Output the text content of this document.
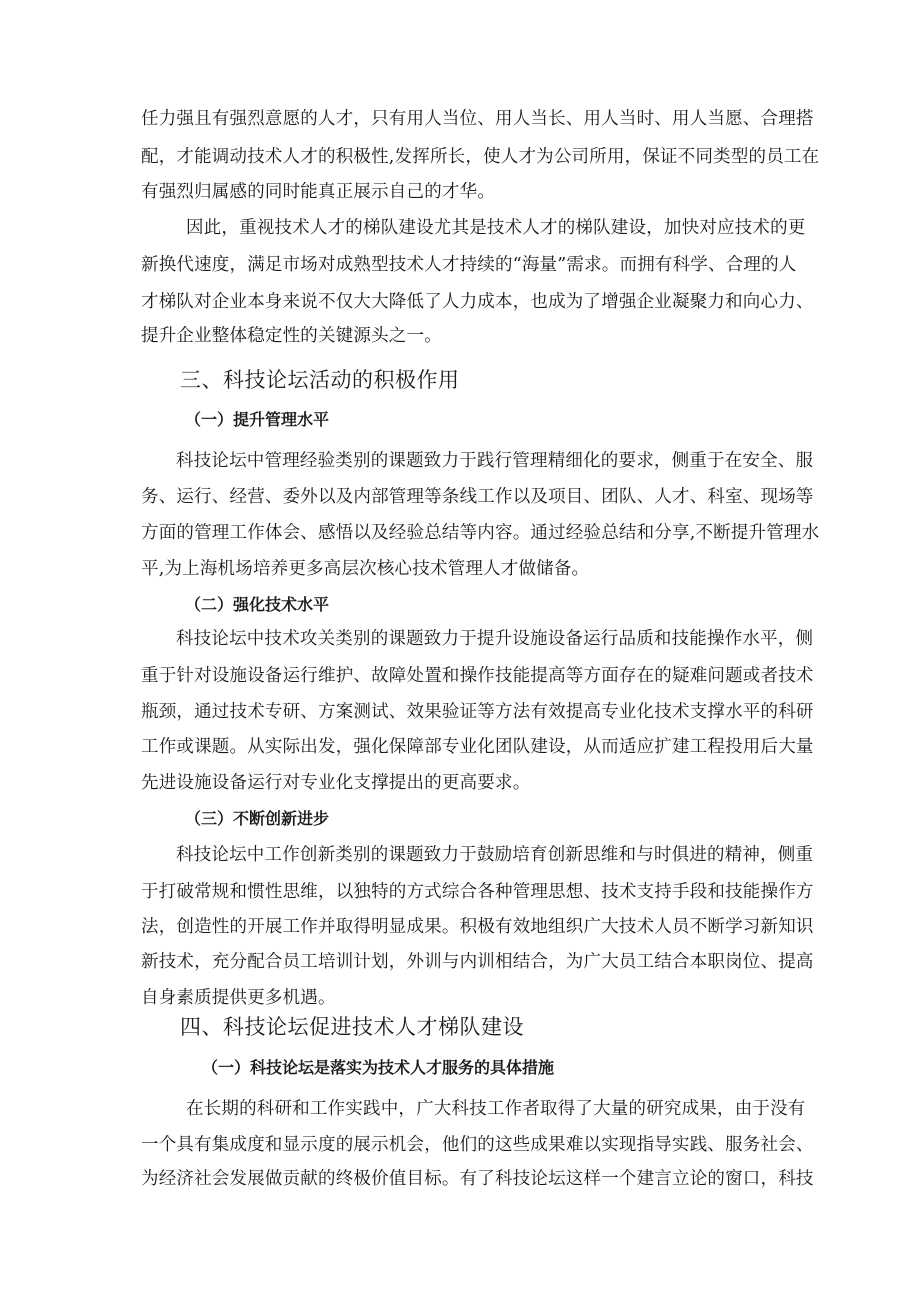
任力强且有强烈意愿的人才，只有用人当位、用人当长、用人当时、用人当愿、合理搭
配，才能调动技术人才的积极性,发挥所长，使人才为公司所用，保证不同类型的员工在
有强烈归属感的同时能真正展示自己的才华。
因此，重视技术人才的梯队建设尤其是技术人才的梯队建设，加快对应技术的更
新换代速度，满足市场对成熟型技术人才持续的“海量”需求。而拥有科学、合理的人
才梯队对企业本身来说不仅大大降低了人力成本，也成为了增强企业凝聚力和向心力、
提升企业整体稳定性的关键源头之一。
三、科技论坛活动的积极作用
（一）提升管理水平
科技论坛中管理经验类别的课题致力于践行管理精细化的要求，侧重于在安全、服
务、运行、经营、委外以及内部管理等条线工作以及项目、团队、人才、科室、现场等
方面的管理工作体会、感悟以及经验总结等内容。通过经验总结和分享,不断提升管理水
平,为上海机场培养更多高层次核心技术管理人才做储备。
（二）强化技术水平
科技论坛中技术攻关类别的课题致力于提升设施设备运行品质和技能操作水平，侧
重于针对设施设备运行维护、故障处置和操作技能提高等方面存在的疑难问题或者技术
瓶颈，通过技术专研、方案测试、效果验证等方法有效提高专业化技术支撑水平的科研
工作或课题。从实际出发，强化保障部专业化团队建设，从而适应扩建工程投用后大量
先进设施设备运行对专业化支撑提出的更高要求。
（三）不断创新进步
科技论坛中工作创新类别的课题致力于鼓励培育创新思维和与时俱进的精神，侧重
于打破常规和惯性思维，以独特的方式综合各种管理思想、技术支持手段和技能操作方
法，创造性的开展工作并取得明显成果。积极有效地组织广大技术人员不断学习新知识
新技术，充分配合员工培训计划，外训与内训相结合，为广大员工结合本职岗位、提高
自身素质提供更多机遇。
四、科技论坛促进技术人才梯队建设
（一）科技论坛是落实为技术人才服务的具体措施
在长期的科研和工作实践中，广大科技工作者取得了大量的研究成果，由于没有
一个具有集成度和显示度的展示机会，他们的这些成果难以实现指导实践、服务社会、
为经济社会发展做贡献的终极价值目标。有了科技论坛这样一个建言立论的窗口，科技
